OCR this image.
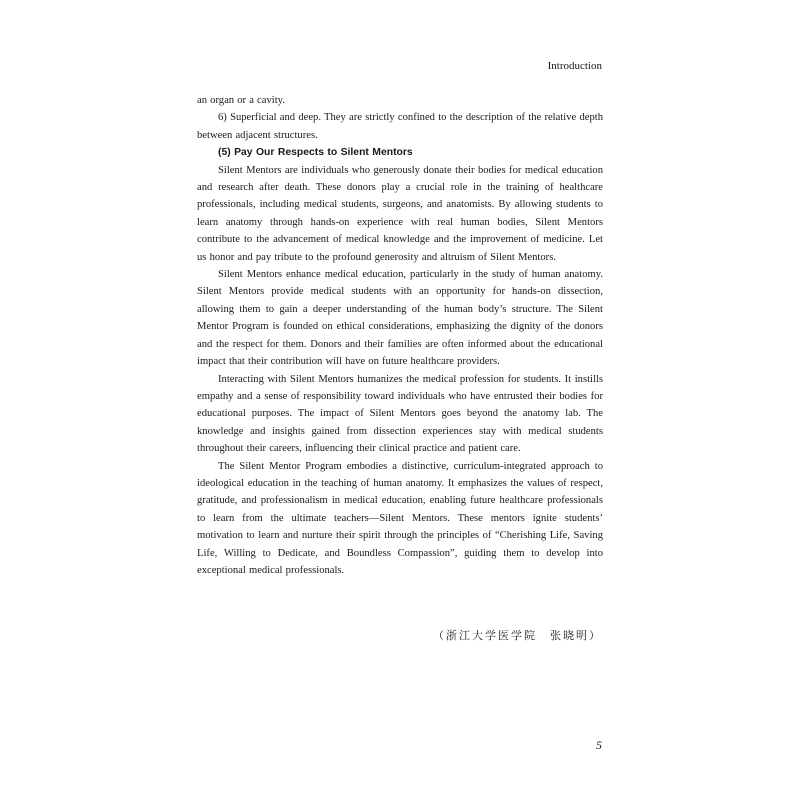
Introduction

an organ or a cavity.

6) Superficial and deep. They are strictly confined to the description of the relative depth between adjacent structures.

(5) Pay Our Respects to Silent Mentors

Silent Mentors are individuals who generously donate their bodies for medical education and research after death. These donors play a crucial role in the training of healthcare professionals, including medical students, surgeons, and anatomists. By allowing students to learn anatomy through hands-on experience with real human bodies, Silent Mentors contribute to the advancement of medical knowledge and the improvement of medicine. Let us honor and pay tribute to the profound generosity and altruism of Silent Mentors.

Silent Mentors enhance medical education, particularly in the study of human anatomy. Silent Mentors provide medical students with an opportunity for hands-on dissection, allowing them to gain a deeper understanding of the human body’s structure. The Silent Mentor Program is founded on ethical considerations, emphasizing the dignity of the donors and the respect for them. Donors and their families are often informed about the educational impact that their contribution will have on future healthcare providers.

Interacting with Silent Mentors humanizes the medical profession for students. It instills empathy and a sense of responsibility toward individuals who have entrusted their bodies for educational purposes. The impact of Silent Mentors goes beyond the anatomy lab. The knowledge and insights gained from dissection experiences stay with medical students throughout their careers, influencing their clinical practice and patient care.

The Silent Mentor Program embodies a distinctive, curriculum-integrated approach to ideological education in the teaching of human anatomy. It emphasizes the values of respect, gratitude, and professionalism in medical education, enabling future healthcare professionals to learn from the ultimate teachers—Silent Mentors. These mentors ignite students’ motivation to learn and nurture their spirit through the principles of “Cherishing Life, Saving Life, Willing to Dedicate, and Boundless Compassion”, guiding them to develop into exceptional medical professionals.

（浙江大学医学院　张晓明）
5
